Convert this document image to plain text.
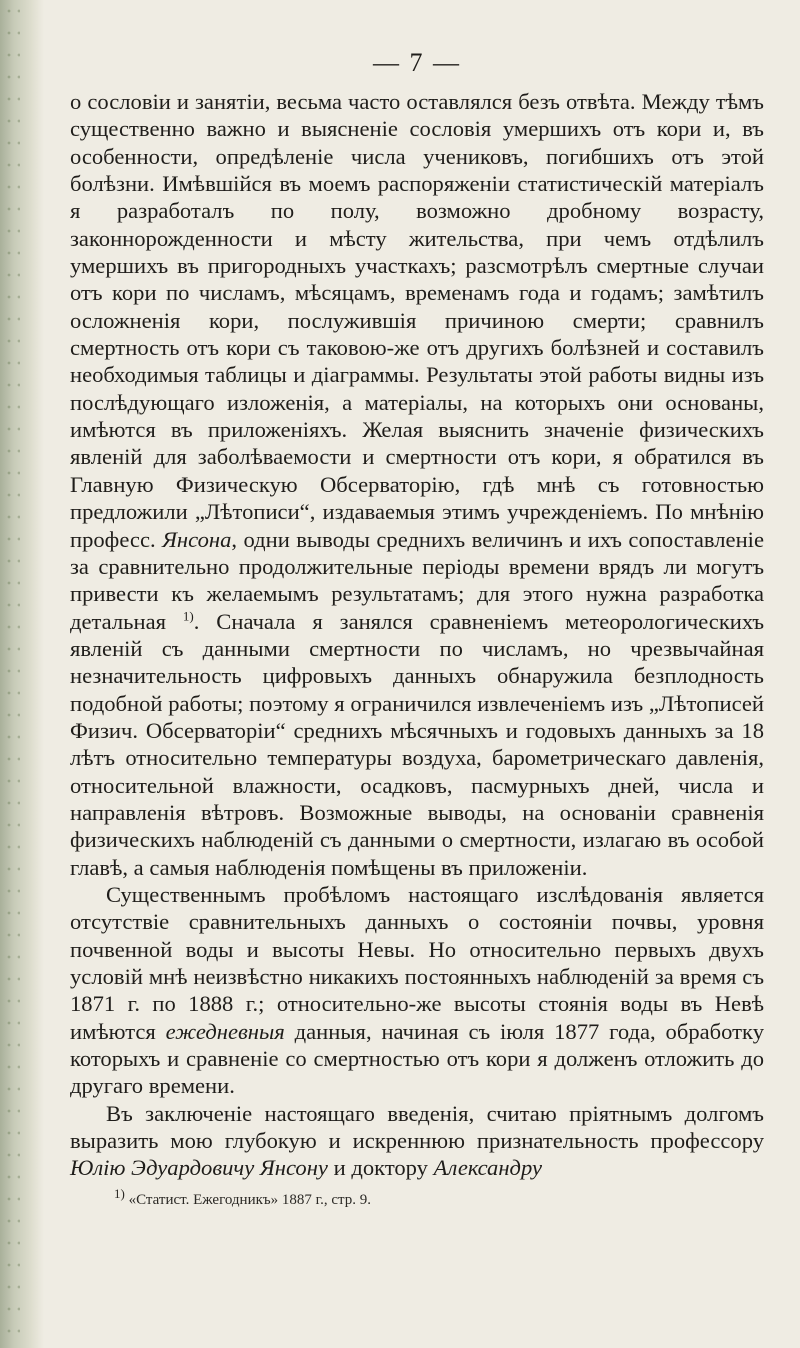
— 7 —

о сословіи и занятіи, весьма часто оставлялся безъ отвѣта. Между тѣмъ существенно важно и выясненіе сословія умершихъ отъ кори и, въ особенности, опредѣленіе числа учениковъ, погибшихъ отъ этой болѣзни. Имѣвшійся въ моемъ распоряженіи статистическій матеріалъ я разработалъ по полу, возможно дробному возрасту, законнорожденности и мѣсту жительства, при чемъ отдѣлилъ умершихъ въ пригородныхъ участкахъ; разсмотрѣлъ смертные случаи отъ кори по числамъ, мѣсяцамъ, временамъ года и годамъ; замѣтилъ осложненія кори, послужившія причиною смерти; сравнилъ смертность отъ кори съ таковою-же отъ другихъ болѣзней и составилъ необходимыя таблицы и діаграммы. Результаты этой работы видны изъ послѣдующаго изложенія, а матеріалы, на которыхъ они основаны, имѣются въ приложеніяхъ. Желая выяснить значеніе физическихъ явленій для заболѣваемости и смертности отъ кори, я обратился въ Главную Физическую Обсерваторію, гдѣ мнѣ съ готовностью предложили „Лѣтописи“, издаваемыя этимъ учрежденіемъ. По мнѣнію професс. Янсона, одни выводы среднихъ величинъ и ихъ сопоставленіе за сравнительно продолжительные періоды времени врядъ ли могутъ привести къ желаемымъ результатамъ; для этого нужна разработка детальная $^{1)}$. Сначала я занялся сравненіемъ метеорологическихъ явленій съ данными смертности по числамъ, но чрезвычайная незначительность цифровыхъ данныхъ обнаружила безплодность подобной работы; поэтому я ограничился извлеченіемъ изъ „Лѣтописей Физич. Обсерваторіи“ среднихъ мѣсячныхъ и годовыхъ данныхъ за 18 лѣтъ относительно температуры воздуха, барометрическаго давленія, относительной влажности, осадковъ, пасмурныхъ дней, числа и направленія вѣтровъ. Возможные выводы, на основаніи сравненія физическихъ наблюденій съ данными о смертности, излагаю въ особой главѣ, а самыя наблюденія помѣщены въ приложеніи.

Существеннымъ пробѣломъ настоящаго изслѣдованія является отсутствіе сравнительныхъ данныхъ о состояніи почвы, уровня почвенной воды и высоты Невы. Но относительно первыхъ двухъ условій мнѣ неизвѣстно никакихъ постоянныхъ наблюденій за время съ 1871 г. по 1888 г.; относительно-же высоты стоянія воды въ Невѣ имѣются ежедневныя данныя, начиная съ іюля 1877 года, обработку которыхъ и сравненіе со смертностью отъ кори я долженъ отложить до другаго времени.

Въ заключеніе настоящаго введенія, считаю пріятнымъ долгомъ выразить мою глубокую и искреннюю признательность профессору Юлію Эдуардовичу Янсону и доктору Александру

$^{1)}$ «Статист. Ежегодникъ» 1887 г., стр. 9.
